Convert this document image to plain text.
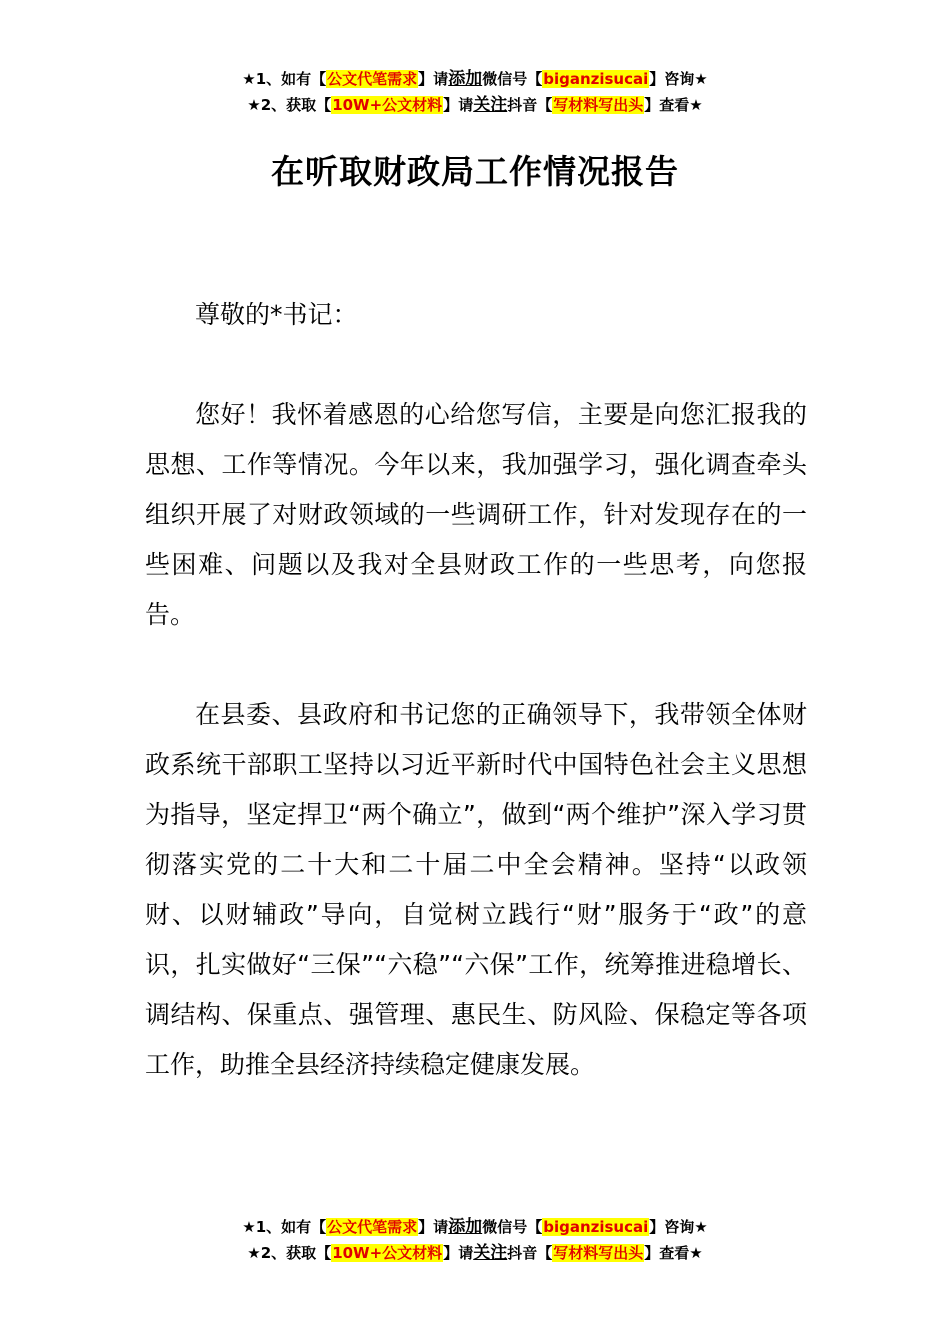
★1、如有【公文代笔需求】请添加微信号【biganzisucai】咨询★
★2、获取【10W+公文材料】请关注抖音【写材料写出头】查看★
在听取财政局工作情况报告

尊敬的*书记：

您好！我怀着感恩的心给您写信，主要是向您汇报我的思想、工作等情况。今年以来，我加强学习，强化调查牵头组织开展了对财政领域的一些调研工作，针对发现存在的一些困难、问题以及我对全县财政工作的一些思考，向您报告。

在县委、县政府和书记您的正确领导下，我带领全体财政系统干部职工坚持以习近平新时代中国特色社会主义思想为指导，坚定捍卫“两个确立”，做到“两个维护”深入学习贯彻落实党的二十大和二十届二中全会精神。坚持“以政领财、以财辅政”导向，自觉树立践行“财”服务于“政”的意识，扎实做好“三保”“六稳”“六保”工作，统筹推进稳增长、调结构、保重点、强管理、惠民生、防风险、保稳定等各项工作，助推全县经济持续稳定健康发展。

★1、如有【公文代笔需求】请添加微信号【biganzisucai】咨询★
★2、获取【10W+公文材料】请关注抖音【写材料写出头】查看★
